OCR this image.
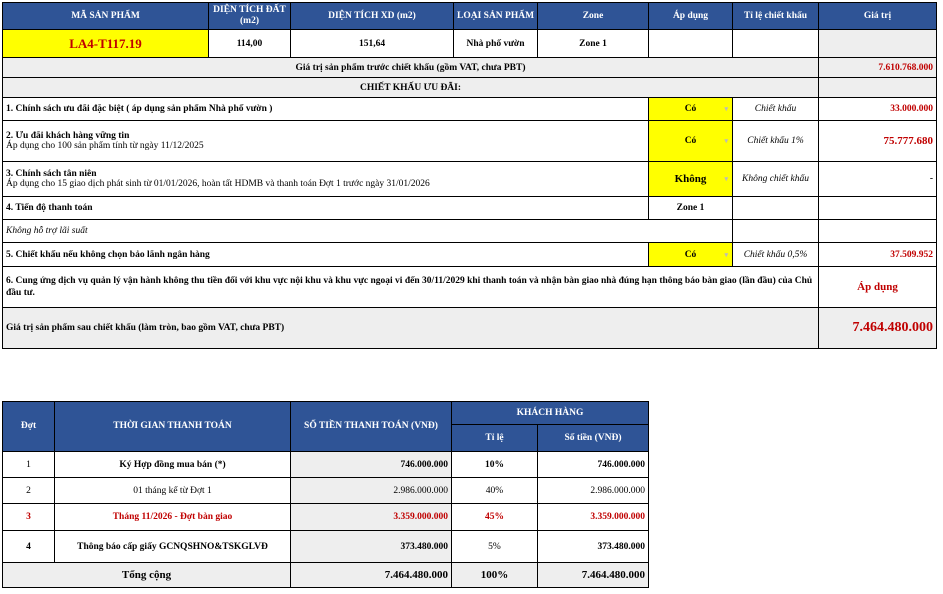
MÃ SẢN PHẨM	DIỆN TÍCH ĐẤT (m2)	DIỆN TÍCH XD (m2)	LOẠI SẢN PHẨM	Zone	Áp dụng	Tỉ lệ chiết khấu	Giá trị
LA4-T117.19	114,00	151,64	Nhà phố vườn	Zone 1			
Giá trị sản phẩm trước chiết khấu (gồm VAT, chưa PBT)							7.610.768.000
CHIẾT KHẤU ƯU ĐÃI:							
1. Chính sách ưu đãi đặc biệt ( áp dụng sản phẩm Nhà phố vườn )					Có ▾	Chiết khấu	33.000.000
2. Ưu đãi khách hàng vững tin
Áp dụng cho 100 sản phẩm tính từ ngày 11/12/2025					Có ▾	Chiết khấu 1%	75.777.680
3. Chính sách tân niên
Áp dụng cho 15 giao dịch phát sinh từ 01/01/2026, hoàn tất HDMB và thanh toán Đợt 1 trước ngày 31/01/2026					Không ▾	Không chiết khấu	-
4. Tiến độ thanh toán					Zone 1		
Không hỗ trợ lãi suất							
5. Chiết khấu nếu không chọn bảo lãnh ngân hàng					Có ▾	Chiết khấu 0,5%	37.509.952
6. Cung ứng dịch vụ quản lý vận hành không thu tiền đối với khu vực nội khu và khu vực ngoại vi đến 30/11/2029 khi thanh toán và nhận bàn giao nhà đúng hạn thông báo bàn giao (lần đầu) của Chủ đầu tư.							Áp dụng
Giá trị sản phẩm sau chiết khấu (làm tròn, bao gồm VAT, chưa PBT)							7.464.480.000
Đợt	THỜI GIAN THANH TOÁN	SỐ TIỀN THANH TOÁN (VNĐ)	KHÁCH HÀNG	
			Tỉ lệ	Số tiền (VNĐ)
1	Ký Hợp đồng mua bán (*)	746.000.000	10%	746.000.000
2	01 tháng kể từ Đợt 1	2.986.000.000	40%	2.986.000.000
3	Tháng 11/2026 - Đợt bàn giao	3.359.000.000	45%	3.359.000.000
4	Thông báo cấp giấy GCNQSHNO&TSKGLVĐ	373.480.000	5%	373.480.000
Tổng cộng		7.464.480.000	100%	7.464.480.000
